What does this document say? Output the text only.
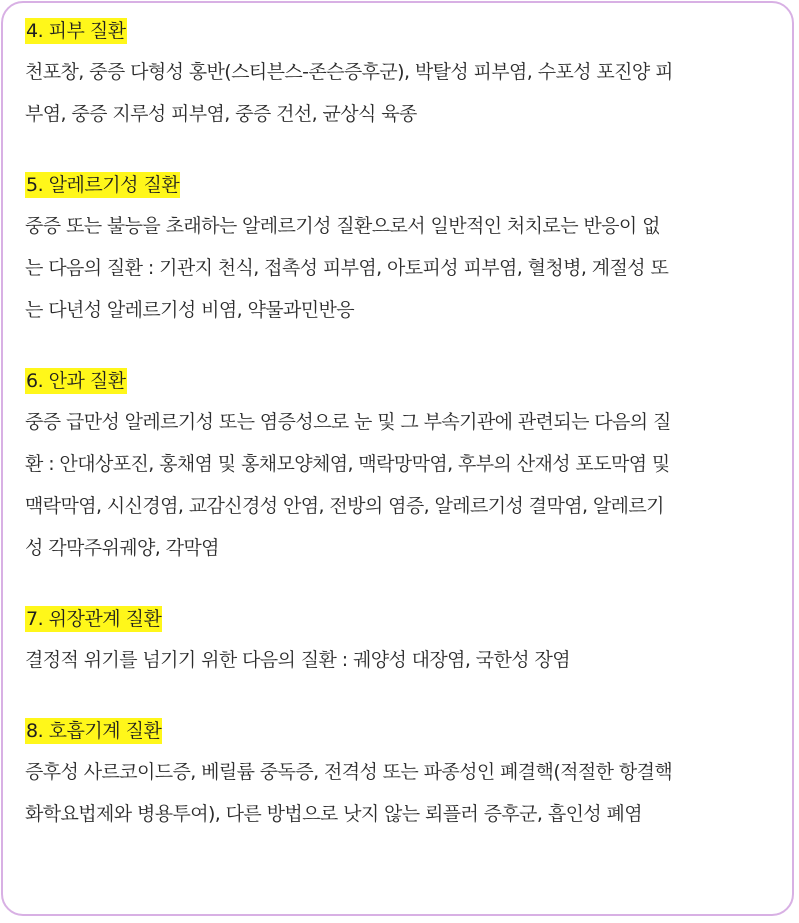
4. 피부 질환
천포창, 중증 다형성 홍반(스티븐스-존슨증후군), 박탈성 피부염, 수포성 포진양 피
부염, 중증 지루성 피부염, 중증 건선, 균상식 육종
5. 알레르기성 질환
중증 또는 불능을 초래하는 알레르기성 질환으로서 일반적인 처치로는 반응이 없
는 다음의 질환 : 기관지 천식, 접촉성 피부염, 아토피성 피부염, 혈청병, 계절성 또
는 다년성 알레르기성 비염, 약물과민반응
6. 안과 질환
중증 급만성 알레르기성 또는 염증성으로 눈 및 그 부속기관에 관련되는 다음의 질
환 : 안대상포진, 홍채염 및 홍채모양체염, 맥락망막염, 후부의 산재성 포도막염 및
맥락막염, 시신경염, 교감신경성 안염, 전방의 염증, 알레르기성 결막염, 알레르기
성 각막주위궤양, 각막염
7. 위장관계 질환
결정적 위기를 넘기기 위한 다음의 질환 : 궤양성 대장염, 국한성 장염
8. 호흡기계 질환
증후성 사르코이드증, 베릴륨 중독증, 전격성 또는 파종성인 폐결핵(적절한 항결핵
화학요법제와 병용투여), 다른 방법으로 낫지 않는 뢰플러 증후군, 흡인성 폐염
